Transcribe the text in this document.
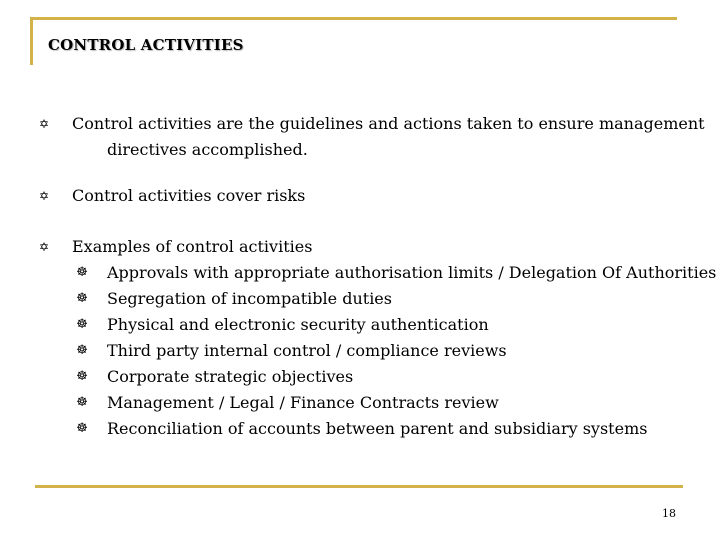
CONTROL ACTIVITIES
✡	Control activities are the guidelines and actions taken to ensure management
directives accomplished.
✡	Control activities cover risks
✡	Examples of control activities
☸ Approvals with appropriate authorisation limits / Delegation Of Authorities
☸ Segregation of incompatible duties
☸ Physical and electronic security authentication
☸ Third party internal control / compliance reviews
☸ Corporate strategic objectives
☸ Management / Legal / Finance Contracts review
☸ Reconciliation of accounts between parent and subsidiary systems
18
